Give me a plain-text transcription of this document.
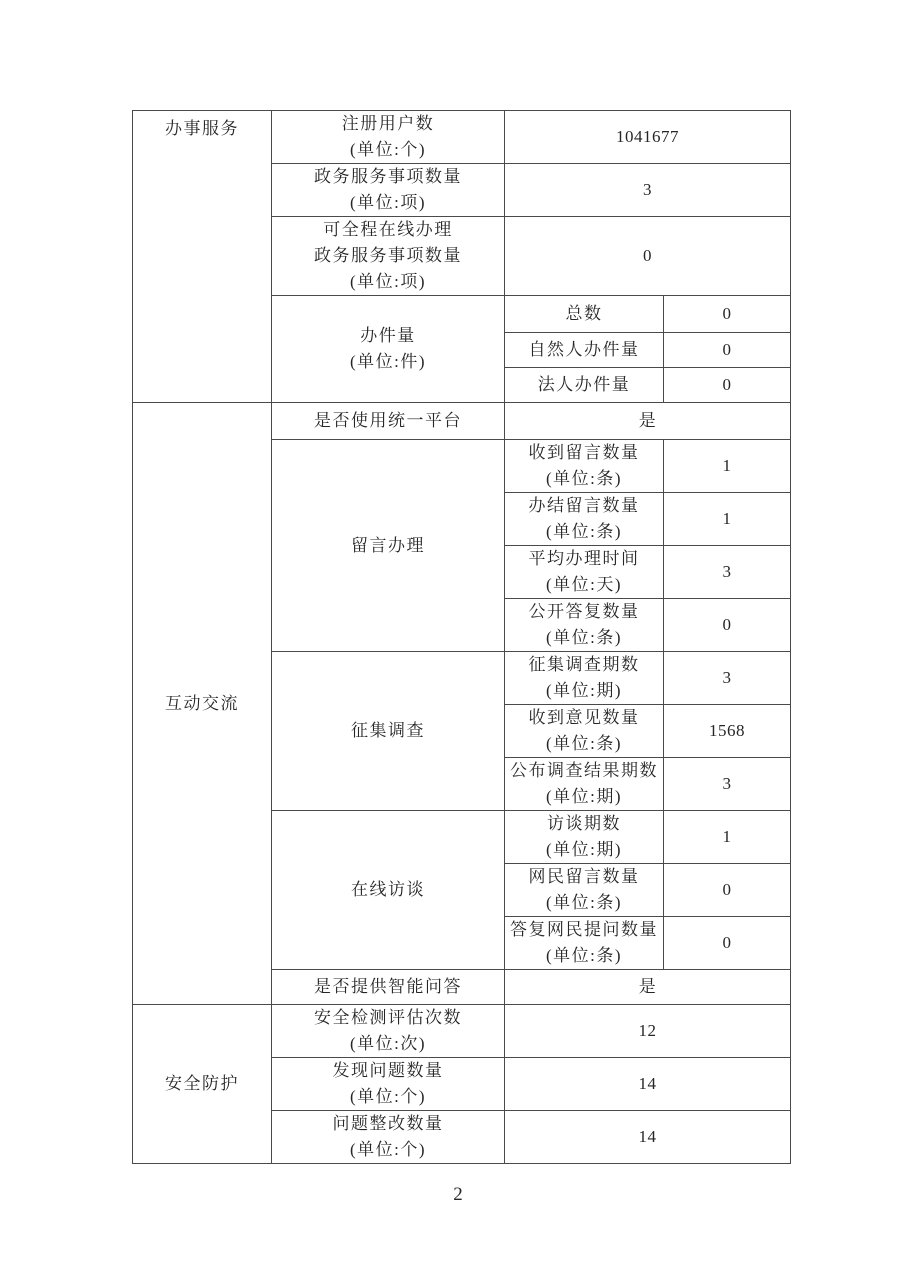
办事服务	注册用户数
(单位:个)	1041677	

	政务服务事项数量
(单位:项)	3	

	可全程在线办理
政务服务事项数量
(单位:项)	0	

	办件量
(单位:件)	总数	0

		自然人办件量	0

		法人办件量	0
互动交流	是否使用统一平台	是	

	留言办理	收到留言数量
(单位:条)	1

		办结留言数量
(单位:条)	1

		平均办理时间
(单位:天)	3

		公开答复数量
(单位:条)	0

	征集调查	征集调查期数
(单位:期)	3

		收到意见数量
(单位:条)	1568

		公布调查结果期数
(单位:期)	3

	在线访谈	访谈期数
(单位:期)	1

		网民留言数量
(单位:条)	0

		答复网民提问数量
(单位:条)	0

	是否提供智能问答	是	
安全防护	安全检测评估次数
(单位:次)	12	

	发现问题数量
(单位:个)	14	

	问题整改数量
(单位:个)	14	
2
